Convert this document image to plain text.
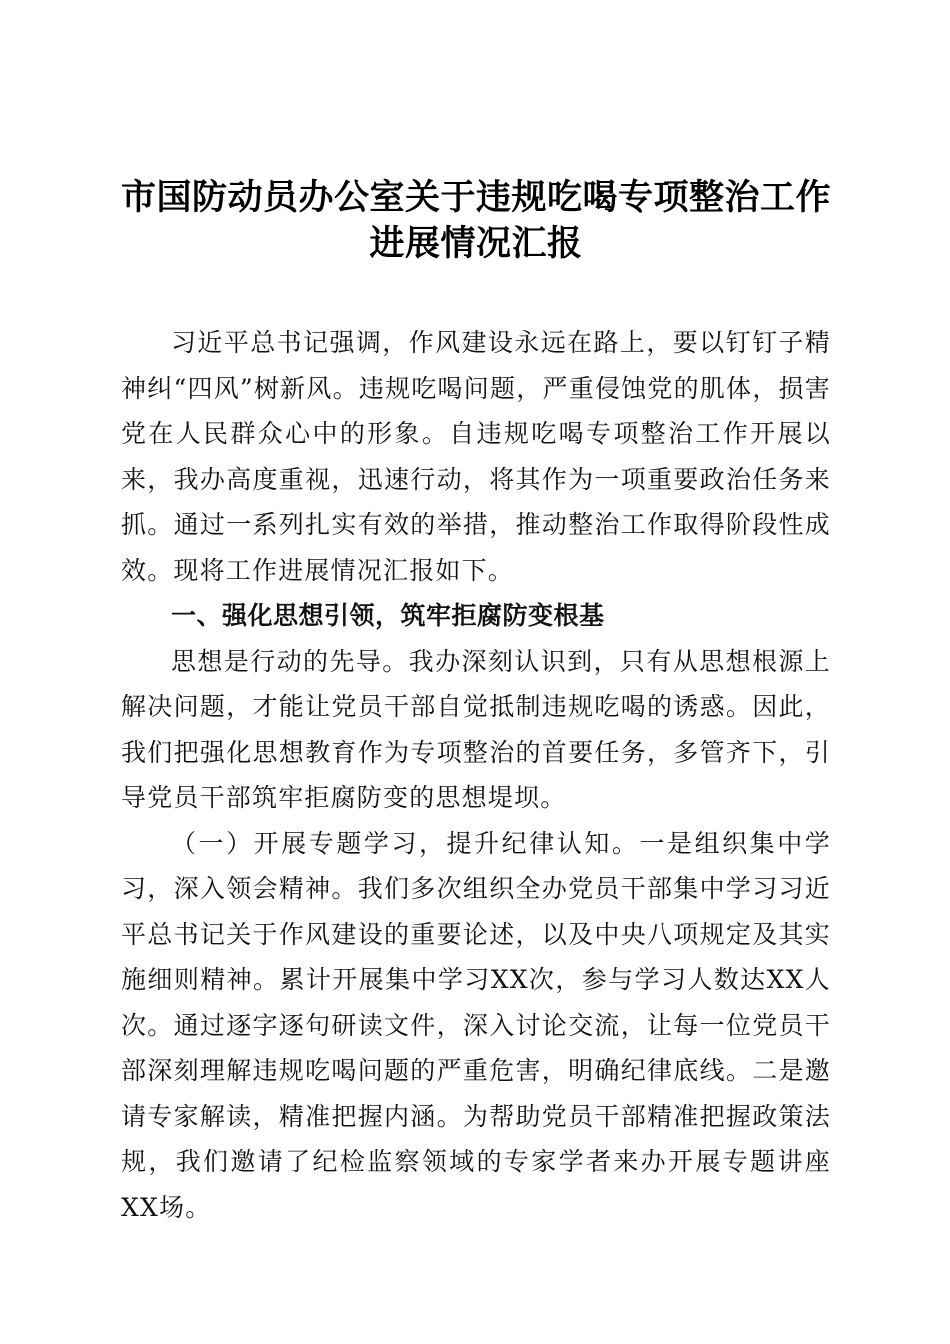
市国防动员办公室关于违规吃喝专项整治工作
进展情况汇报

习近平总书记强调，作风建设永远在路上，要以钉钉子精神纠“四风”树新风。违规吃喝问题，严重侵蚀党的肌体，损害党在人民群众心中的形象。自违规吃喝专项整治工作开展以来，我办高度重视，迅速行动，将其作为一项重要政治任务来抓。通过一系列扎实有效的举措，推动整治工作取得阶段性成效。现将工作进展情况汇报如下。

一、强化思想引领，筑牢拒腐防变根基

思想是行动的先导。我办深刻认识到，只有从思想根源上解决问题，才能让党员干部自觉抵制违规吃喝的诱惑。因此，我们把强化思想教育作为专项整治的首要任务，多管齐下，引导党员干部筑牢拒腐防变的思想堤坝。

（一）开展专题学习，提升纪律认知。一是组织集中学习，深入领会精神。我们多次组织全办党员干部集中学习习近平总书记关于作风建设的重要论述，以及中央八项规定及其实施细则精神。累计开展集中学习XX次，参与学习人数达XX人次。通过逐字逐句研读文件，深入讨论交流，让每一位党员干部深刻理解违规吃喝问题的严重危害，明确纪律底线。二是邀请专家解读，精准把握内涵。为帮助党员干部精准把握政策法规，我们邀请了纪检监察领域的专家学者来办开展专题讲座XX场。
